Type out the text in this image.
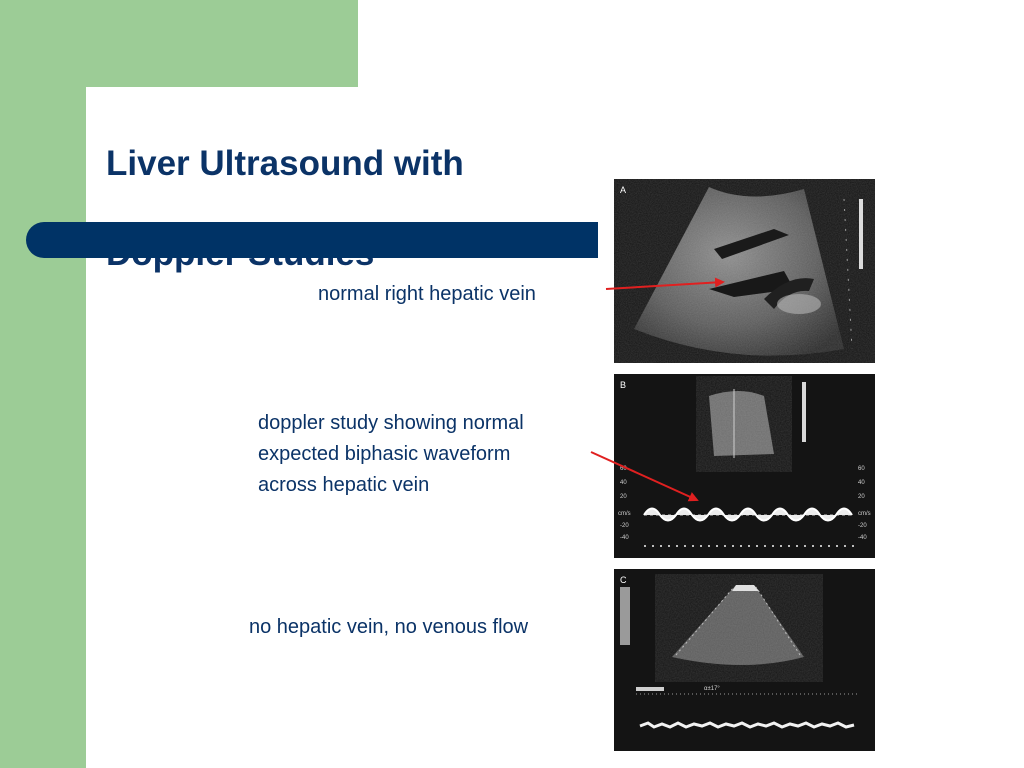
Liver Ultrasound with

normal right hepatic vein
doppler study showing normal
expected biphasic waveform
across hepatic vein
no hepatic vein, no venous flow
A
60
40
20
cm/s
-20
-40
60
40
20
cm/s
-20
-40
B
α±17°
C
